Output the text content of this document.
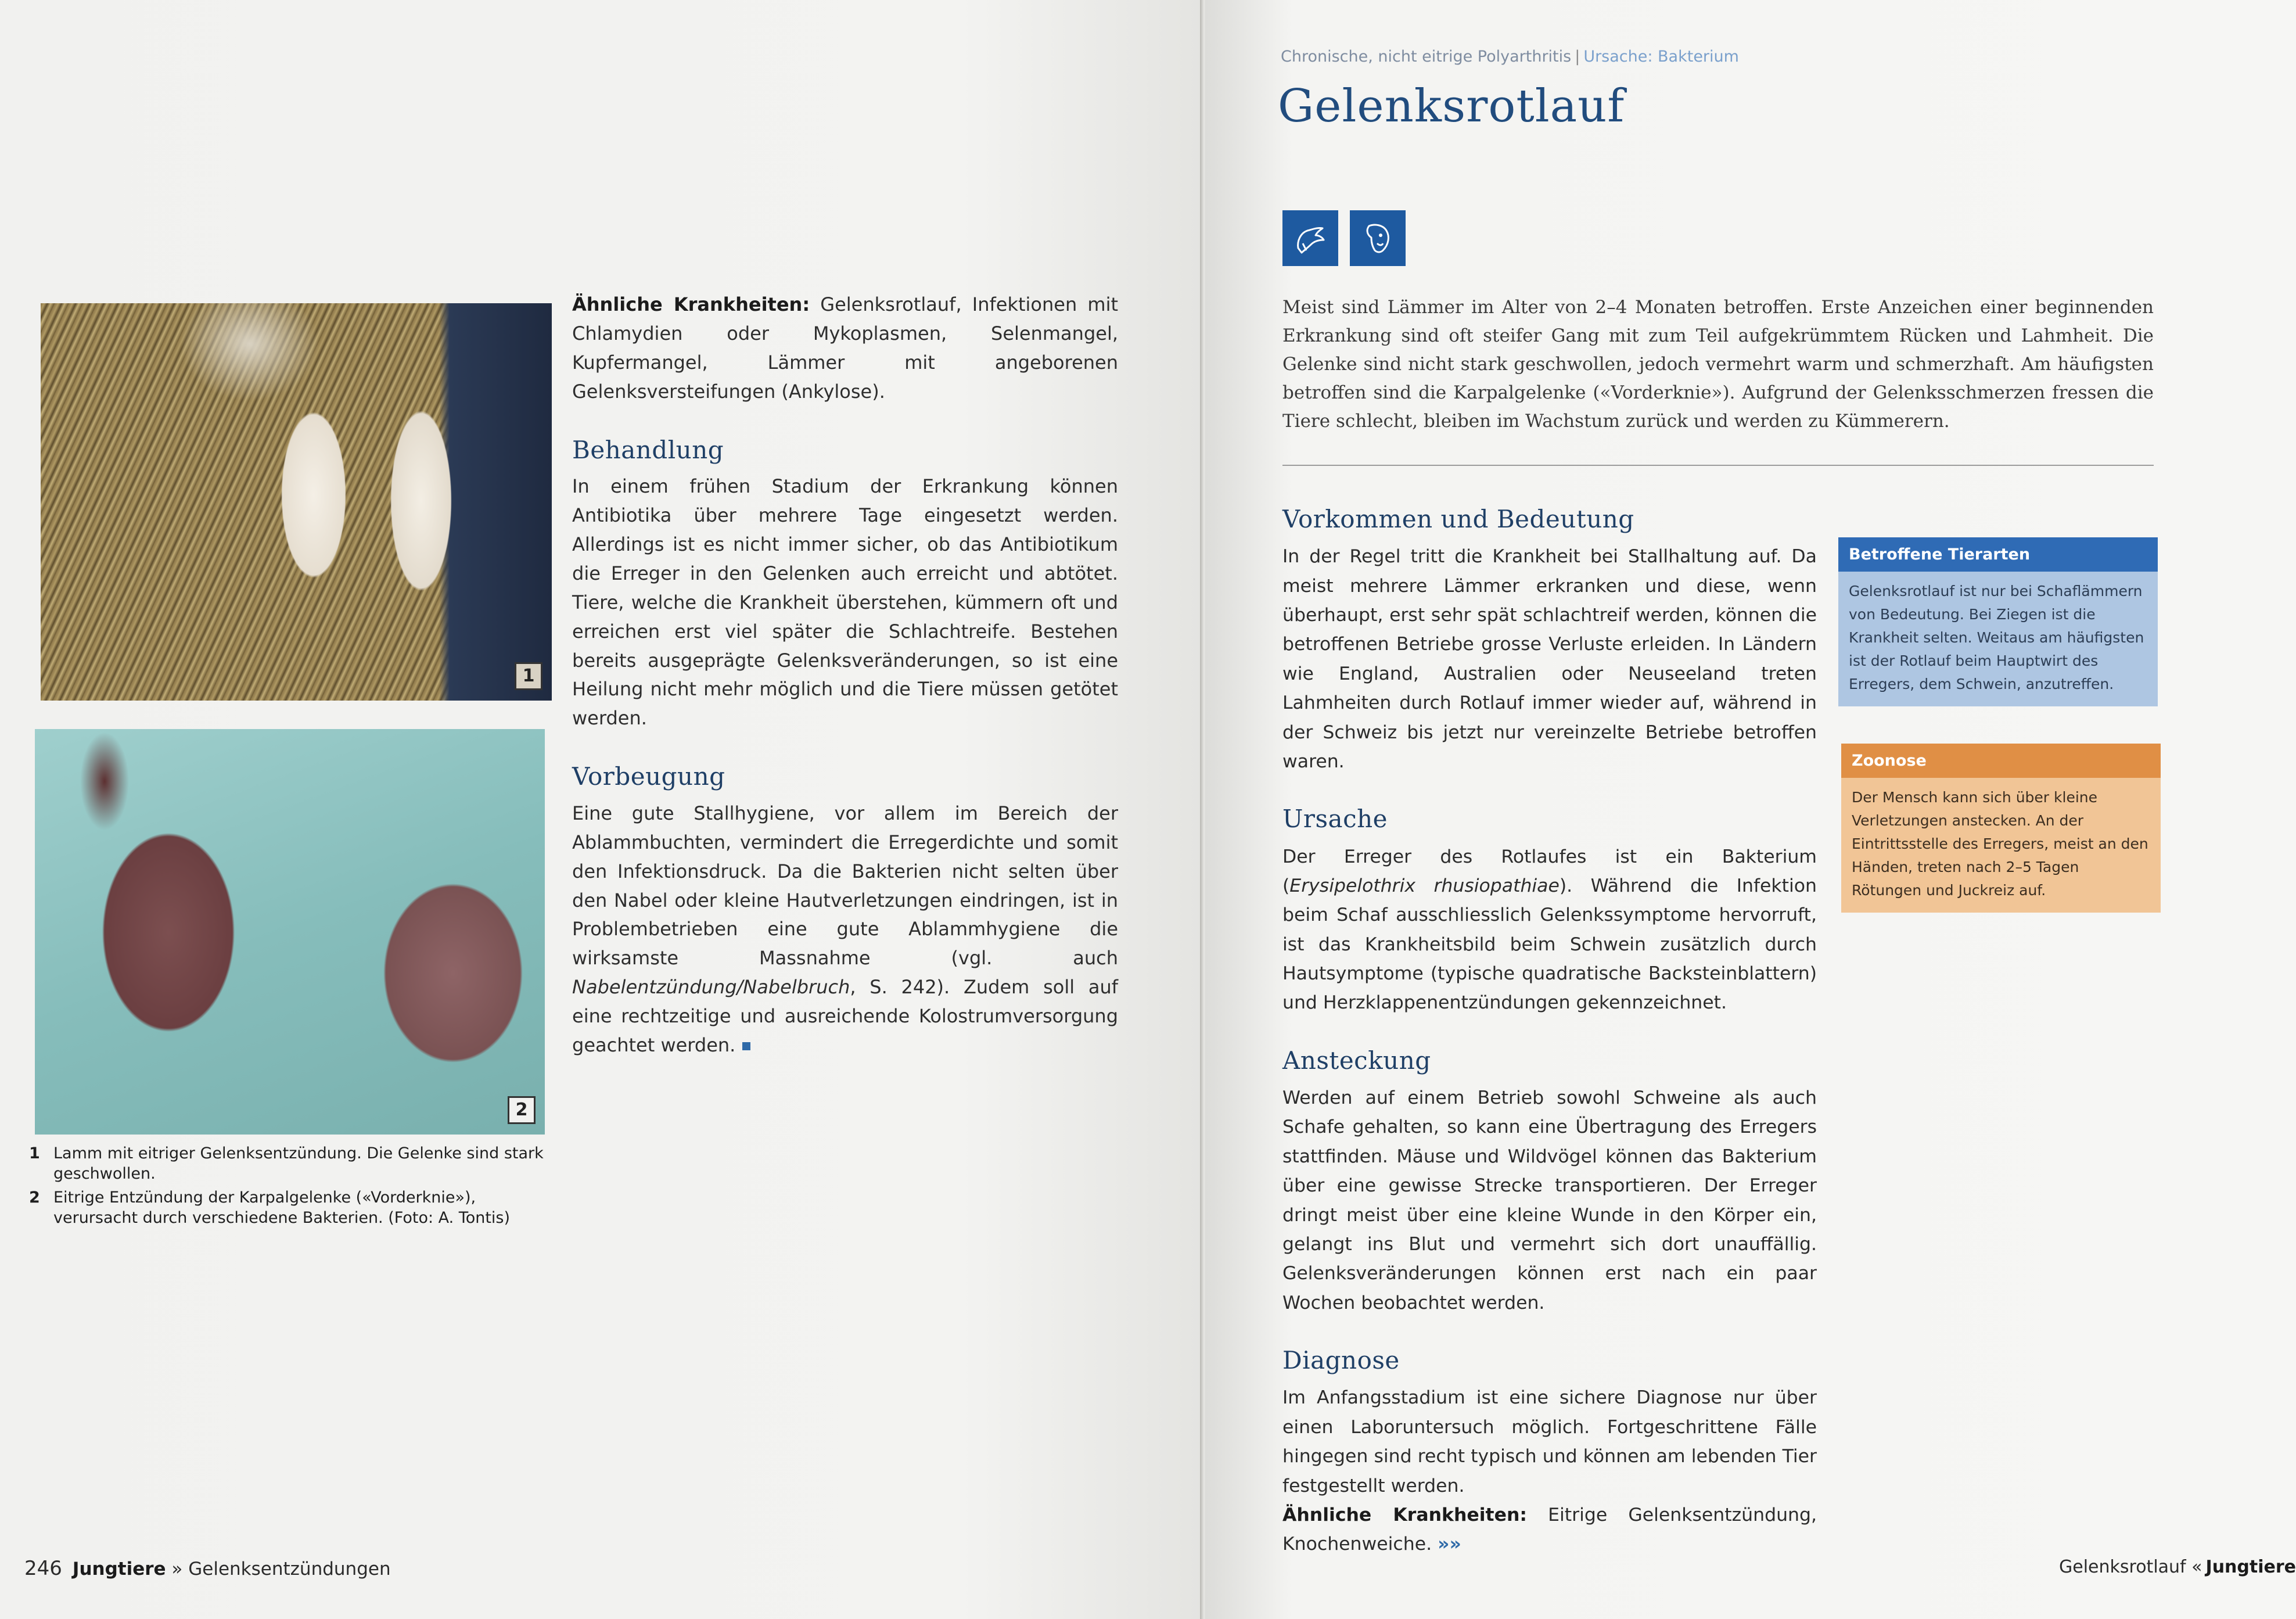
1
2
1 Lamm mit eitriger Gelenksentzündung. Die Gelenke sind stark geschwollen.
2 Eitrige Entzündung der Karpalgelenke («Vorderknie»), verursacht durch verschiedene Bakterien. (Foto: A. Tontis)

Ähnliche Krankheiten: Gelenksrotlauf, Infektionen mit Chlamydien oder Mykoplasmen, Selenmangel, Kupfermangel, Lämmer mit angeborenen Gelenksversteifungen (Ankylose).

Behandlung

In einem frühen Stadium der Erkrankung können Antibiotika über mehrere Tage eingesetzt werden. Allerdings ist es nicht immer sicher, ob das Antibiotikum die Erreger in den Gelenken auch erreicht und abtötet. Tiere, welche die Krankheit überstehen, kümmern oft und erreichen erst viel später die Schlachtreife. Bestehen bereits ausgeprägte Gelenksveränderungen, so ist eine Heilung nicht mehr möglich und die Tiere müssen getötet werden.

Vorbeugung

Eine gute Stallhygiene, vor allem im Bereich der Ablammbuchten, vermindert die Erregerdichte und somit den Infektionsdruck. Da die Bakterien nicht selten über den Nabel oder kleine Hautverletzungen eindringen, ist in Problembetrieben eine gute Ablammhygiene die wirksamste Massnahme (vgl. auch Nabelentzündung/Nabelbruch, S. 242). Zudem soll auf eine rechtzeitige und ausreichende Kolostrumversorgung geachtet werden.

246 Jungtiere » Gelenksentzündungen
Chronische, nicht eitrige Polyarthritis | Ursache: Bakterium
Gelenksrotlauf
Meist sind Lämmer im Alter von 2–4 Monaten betroffen. Erste Anzeichen einer beginnenden Erkrankung sind oft steifer Gang mit zum Teil aufgekrümmtem Rücken und Lahmheit. Die Gelenke sind nicht stark geschwollen, jedoch vermehrt warm und schmerzhaft. Am häufigsten betroffen sind die Karpalgelenke («Vorderknie»). Aufgrund der Gelenksschmerzen fressen die Tiere schlecht, bleiben im Wachstum zurück und werden zu Kümmerern.
Vorkommen und Bedeutung

In der Regel tritt die Krankheit bei Stallhaltung auf. Da meist mehrere Lämmer erkranken und diese, wenn überhaupt, erst sehr spät schlachtreif werden, können die betroffenen Betriebe grosse Verluste erleiden. In Ländern wie England, Australien oder Neuseeland treten Lahmheiten durch Rotlauf immer wieder auf, während in der Schweiz bis jetzt nur vereinzelte Betriebe betroffen waren.

Ursache

Der Erreger des Rotlaufes ist ein Bakterium (Erysipelothrix rhusiopathiae). Während die Infektion beim Schaf ausschliesslich Gelenkssymptome hervorruft, ist das Krankheitsbild beim Schwein zusätzlich durch Hautsymptome (typische quadratische Backsteinblattern) und Herzklappenentzündungen gekennzeichnet.

Ansteckung

Werden auf einem Betrieb sowohl Schweine als auch Schafe gehalten, so kann eine Übertragung des Erregers stattfinden. Mäuse und Wildvögel können das Bakterium über eine gewisse Strecke transportieren. Der Erreger dringt meist über eine kleine Wunde in den Körper ein, gelangt ins Blut und vermehrt sich dort unauffällig. Gelenksveränderungen können erst nach ein paar Wochen beobachtet werden.

Diagnose

Im Anfangsstadium ist eine sichere Diagnose nur über einen Laboruntersuch möglich. Fortgeschrittene Fälle hingegen sind recht typisch und können am lebenden Tier festgestellt werden.

Ähnliche Krankheiten: Eitrige Gelenksentzündung, Knochenweiche. »»

Betroffene Tierarten
Gelenksrotlauf ist nur bei Schaflämmern von Bedeutung. Bei Ziegen ist die Krankheit selten. Weitaus am häufigsten ist der Rotlauf beim Hauptwirt des Erregers, dem Schwein, anzutreffen.
Zoonose
Der Mensch kann sich über kleine Verletzungen anstecken. An der Eintrittsstelle des Erregers, meist an den Händen, treten nach 2–5 Tagen Rötungen und Juckreiz auf.
Gelenksrotlauf « Jungtiere
